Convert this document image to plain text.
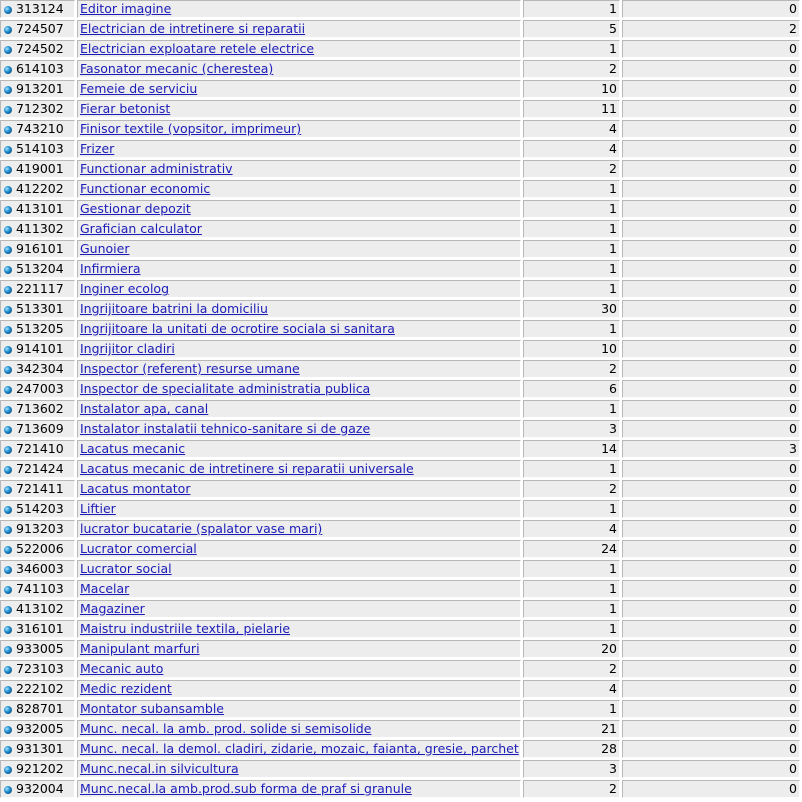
313124	Editor imagine	1	0
724507	Electrician de intretinere si reparatii	5	2
724502	Electrician exploatare retele electrice	1	0
614103	Fasonator mecanic (cherestea)	2	0
913201	Femeie de serviciu	10	0
712302	Fierar betonist	11	0
743210	Finisor textile (vopsitor, imprimeur)	4	0
514103	Frizer	4	0
419001	Functionar administrativ	2	0
412202	Functionar economic	1	0
413101	Gestionar depozit	1	0
411302	Grafician calculator	1	0
916101	Gunoier	1	0
513204	Infirmiera	1	0
221117	Inginer ecolog	1	0
513301	Ingrijitoare batrini la domiciliu	30	0
513205	Ingrijitoare la unitati de ocrotire sociala si sanitara	1	0
914101	Ingrijitor cladiri	10	0
342304	Inspector (referent) resurse umane	2	0
247003	Inspector de specialitate administratia publica	6	0
713602	Instalator apa, canal	1	0
713609	Instalator instalatii tehnico-sanitare si de gaze	3	0
721410	Lacatus mecanic	14	3
721424	Lacatus mecanic de intretinere si reparatii universale	1	0
721411	Lacatus montator	2	0
514203	Liftier	1	0
913203	lucrator bucatarie (spalator vase mari)	4	0
522006	Lucrator comercial	24	0
346003	Lucrator social	1	0
741103	Macelar	1	0
413102	Magaziner	1	0
316101	Maistru industriile textila, pielarie	1	0
933005	Manipulant marfuri	20	0
723103	Mecanic auto	2	0
222102	Medic rezident	4	0
828701	Montator subansamble	1	0
932005	Munc. necal. la amb. prod. solide si semisolide	21	0
931301	Munc. necal. la demol. cladiri, zidarie, mozaic, faianta, gresie, parchet	28	0
921202	Munc.necal.in silvicultura	3	0
932004	Munc.necal.la amb.prod.sub forma de praf si granule	2	0
